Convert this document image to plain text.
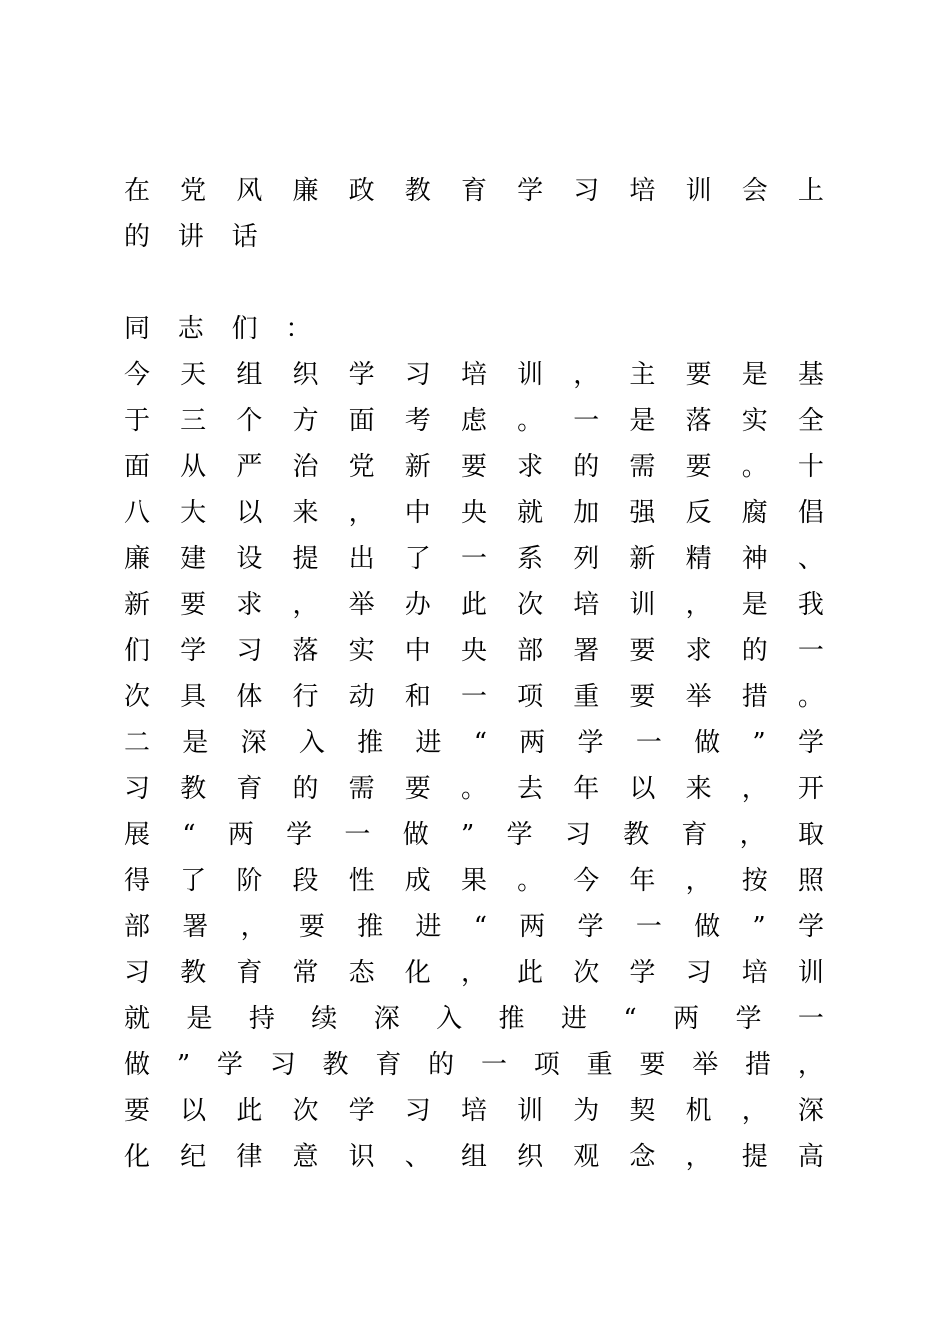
在 党 风 廉 政 教 育 学 习 培 训 会 上
的	讲	话
同	志	们	：
今 天 组 织 学 习 培 训 ， 主 要 是 基
于 三 个 方 面 考 虑 。 一 是 落 实 全
面 从 严 治 党 新 要 求 的 需 要 。 十
八 大 以 来 ， 中 央 就 加 强 反 腐 倡
廉 建 设 提 出 了 一 系 列 新 精 神 、
新 要 求 ， 举 办 此 次 培 训 ， 是 我
们 学 习 落 实 中 央 部 署 要 求 的 一
次 具 体 行 动 和 一 项 重 要 举 措 。
二 是 深 入 推 进 “ 两 学 一 做 ” 学
习 教 育 的 需 要 。 去 年 以 来 ， 开
展 “ 两 学 一 做 ” 学 习 教 育 ， 取
得 了 阶 段 性 成 果 。 今 年 ， 按 照
部 署 ， 要 推 进 “ 两 学 一 做 ” 学
习 教 育 常 态 化 ， 此 次 学 习 培 训
就 是 持 续 深 入 推 进 “ 两 学 一
做 ” 学 习 教 育 的 一 项 重 要 举 措 ，
要 以 此 次 学 习 培 训 为 契 机 ， 深
化 纪 律 意 识 、 组 织 观 念 ， 提 高
